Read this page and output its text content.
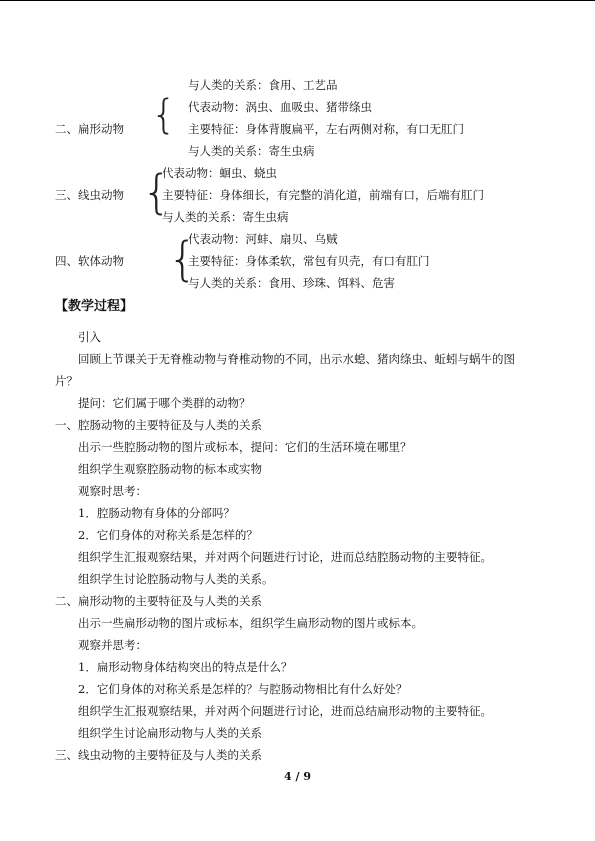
与人类的关系：食用、工艺品
二、扁形动物 { 代表动物：涡虫、血吸虫、猪带绦虫
主要特征：身体背腹扁平，左右两侧对称，有口无肛门
与人类的关系：寄生虫病
三、线虫动物 {
代表动物：蛔虫、蛲虫
主要特征：身体细长，有完整的消化道，前端有口，后端有肛门
与人类的关系：寄生虫病
四、软体动物 {
代表动物：河蚌、扇贝、乌贼
主要特征：身体柔软，常包有贝壳，有口有肛门
与人类的关系：食用、珍珠、饵料、危害
【教学过程】
引入
回顾上节课关于无脊椎动物与脊椎动物的不同，出示水螅、猪肉绦虫、蚯蚓与蜗牛的图
片？
提问：它们属于哪个类群的动物？
一、腔肠动物的主要特征及与人类的关系
出示一些腔肠动物的图片或标本，提问：它们的生活环境在哪里？
组织学生观察腔肠动物的标本或实物
观察时思考：
1．腔肠动物有身体的分部吗？
2．它们身体的对称关系是怎样的？
组织学生汇报观察结果，并对两个问题进行讨论，进而总结腔肠动物的主要特征。
组织学生讨论腔肠动物与人类的关系。
二、扁形动物的主要特征及与人类的关系
出示一些扁形动物的图片或标本，组织学生扁形动物的图片或标本。
观察并思考：
1．扁形动物身体结构突出的特点是什么？
2．它们身体的对称关系是怎样的？与腔肠动物相比有什么好处？
组织学生汇报观察结果，并对两个问题进行讨论，进而总结扁形动物的主要特征。
组织学生讨论扁形动物与人类的关系
三、线虫动物的主要特征及与人类的关系
4 / 9
